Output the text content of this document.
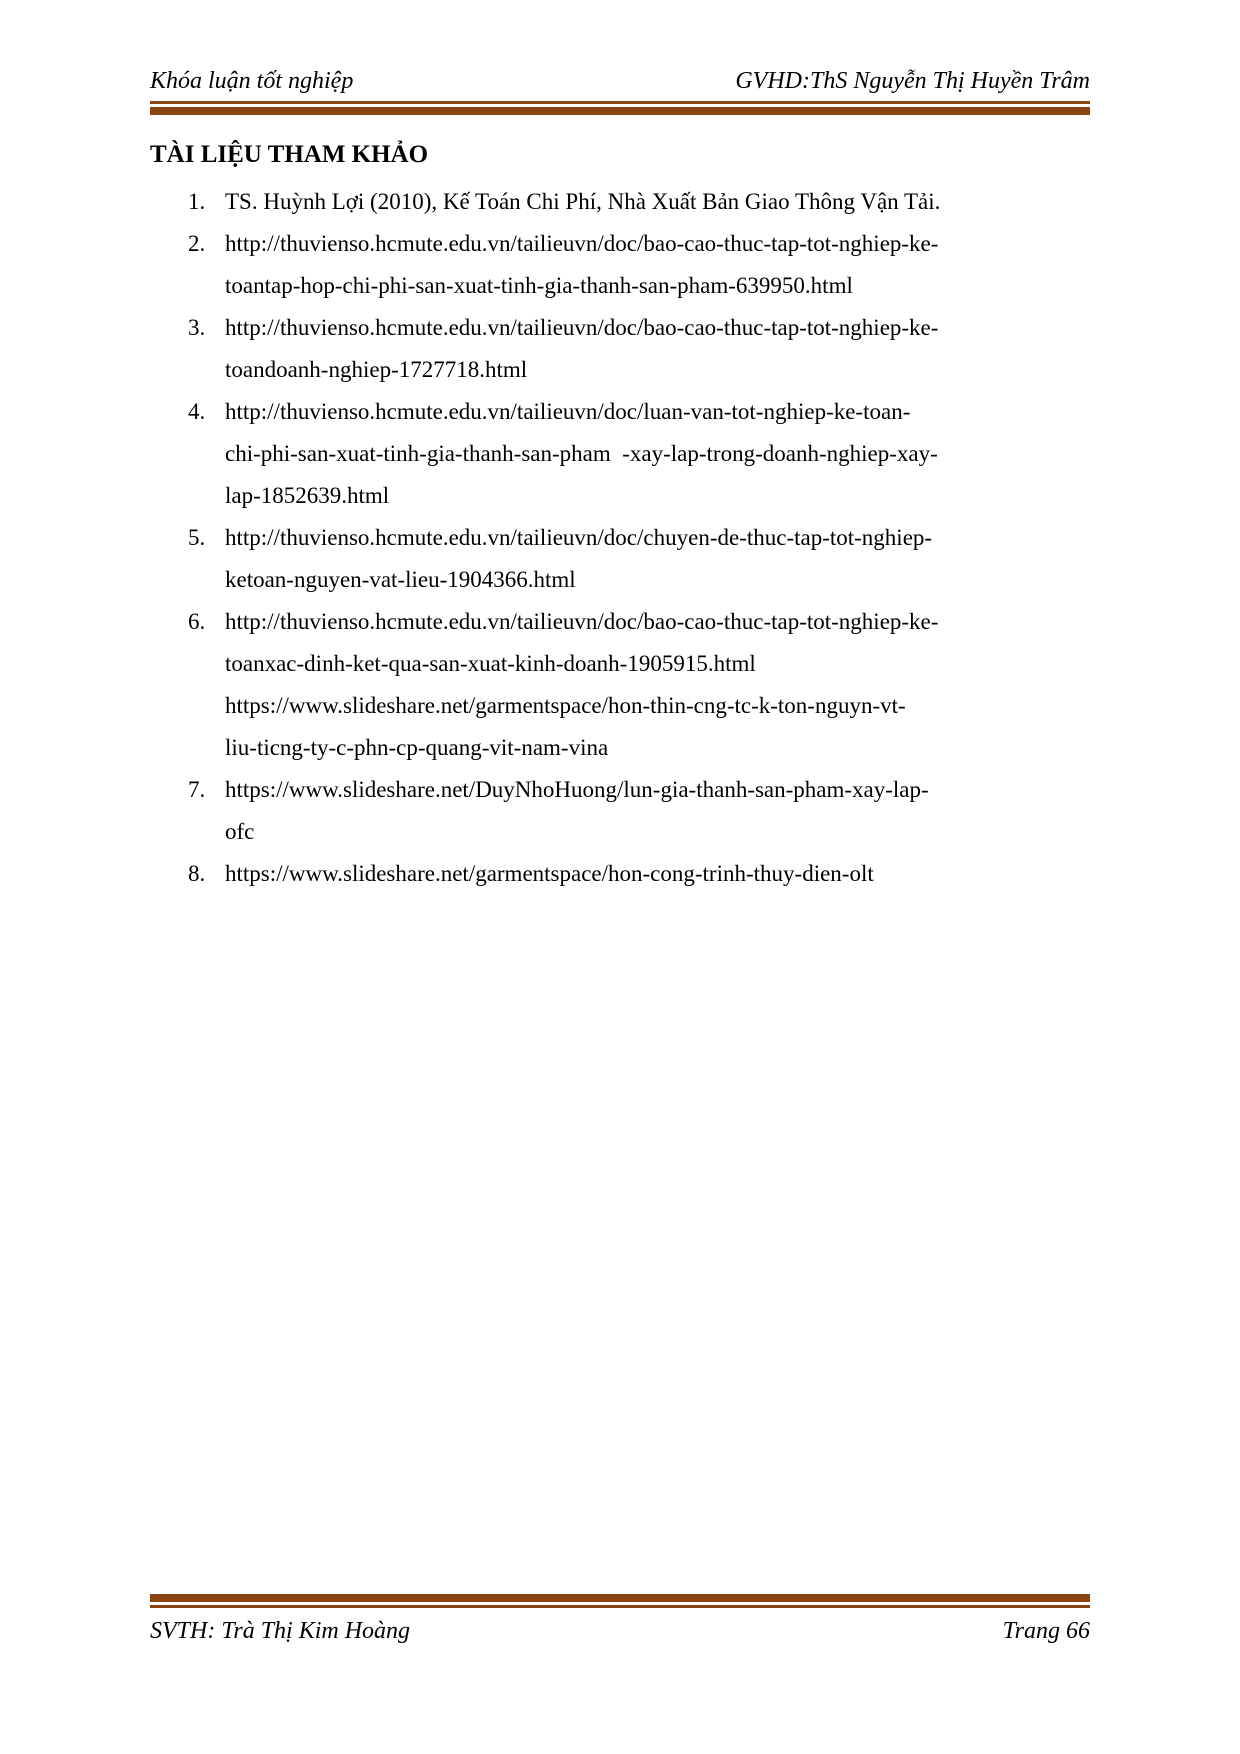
Khóa luận tốt nghiệp	GVHD:ThS Nguyễn Thị Huyền Trâm
TÀI LIỆU THAM KHẢO
1. TS. Huỳnh Lợi (2010), Kế Toán Chi Phí, Nhà Xuất Bản Giao Thông Vận Tải.
2. http://thuvienso.hcmute.edu.vn/tailieuvn/doc/bao-cao-thuc-tap-tot-nghiep-ke-
toantap-hop-chi-phi-san-xuat-tinh-gia-thanh-san-pham-639950.html
3. http://thuvienso.hcmute.edu.vn/tailieuvn/doc/bao-cao-thuc-tap-tot-nghiep-ke-
toandoanh-nghiep-1727718.html
4. http://thuvienso.hcmute.edu.vn/tailieuvn/doc/luan-van-tot-nghiep-ke-toan-
chi-phi-san-xuat-tinh-gia-thanh-san-pham  -xay-lap-trong-doanh-nghiep-xay-
lap-1852639.html
5. http://thuvienso.hcmute.edu.vn/tailieuvn/doc/chuyen-de-thuc-tap-tot-nghiep-
ketoan-nguyen-vat-lieu-1904366.html
6. http://thuvienso.hcmute.edu.vn/tailieuvn/doc/bao-cao-thuc-tap-tot-nghiep-ke-
toanxac-dinh-ket-qua-san-xuat-kinh-doanh-1905915.html
https://www.slideshare.net/garmentspace/hon-thin-cng-tc-k-ton-nguyn-vt-
liu-ticng-ty-c-phn-cp-quang-vit-nam-vina
7. https://www.slideshare.net/DuyNhoHuong/lun-gia-thanh-san-pham-xay-lap-
ofc
8. https://www.slideshare.net/garmentspace/hon-cong-trinh-thuy-dien-olt
SVTH: Trà Thị Kim Hoàng	Trang 66
